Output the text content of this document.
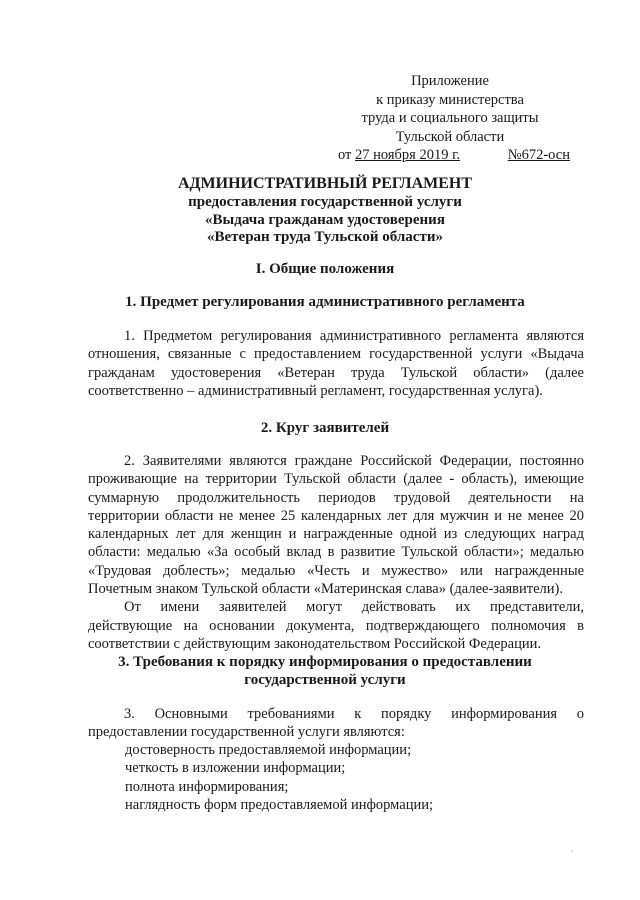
Приложение
к приказу министерства
труда и социального защиты
Тульской области
от 27 ноября 2019 г.	№672-осн
АДМИНИСТРАТИВНЫЙ РЕГЛАМЕНТ
предоставления государственной услуги
«Выдача гражданам удостоверения
«Ветеран труда Тульской области»
I. Общие положения
1. Предмет регулирования административного регламента
1. Предметом регулирования административного регламента являются
отношения, связанные с предоставлением государственной услуги «Выдача
гражданам удостоверения «Ветеран труда Тульской области» (далее
соответственно – административный регламент, государственная услуга).
2. Круг заявителей
2. Заявителями являются граждане Российской Федерации, постоянно
проживающие на территории Тульской области (далее - область), имеющие
суммарную продолжительность периодов трудовой деятельности на
территории области не менее 25 календарных лет для мужчин и не менее 20
календарных лет для женщин и награжденные одной из следующих наград
области: медалью «За особый вклад в развитие Тульской области»; медалью
«Трудовая доблесть»; медалью «Честь и мужество» или награжденные
Почетным знаком Тульской области «Материнская слава» (далее-заявители).
От имени заявителей могут действовать их представители,
действующие на основании документа, подтверждающего полномочия в
соответствии с действующим законодательством Российской Федерации.
3. Требования к порядку информирования о предоставлении
государственной услуги
3. Основными требованиями к порядку информирования о
предоставлении государственной услуги являются:
достоверность предоставляемой информации;
четкость в изложении информации;
полнота информирования;
наглядность форм предоставляемой информации;
